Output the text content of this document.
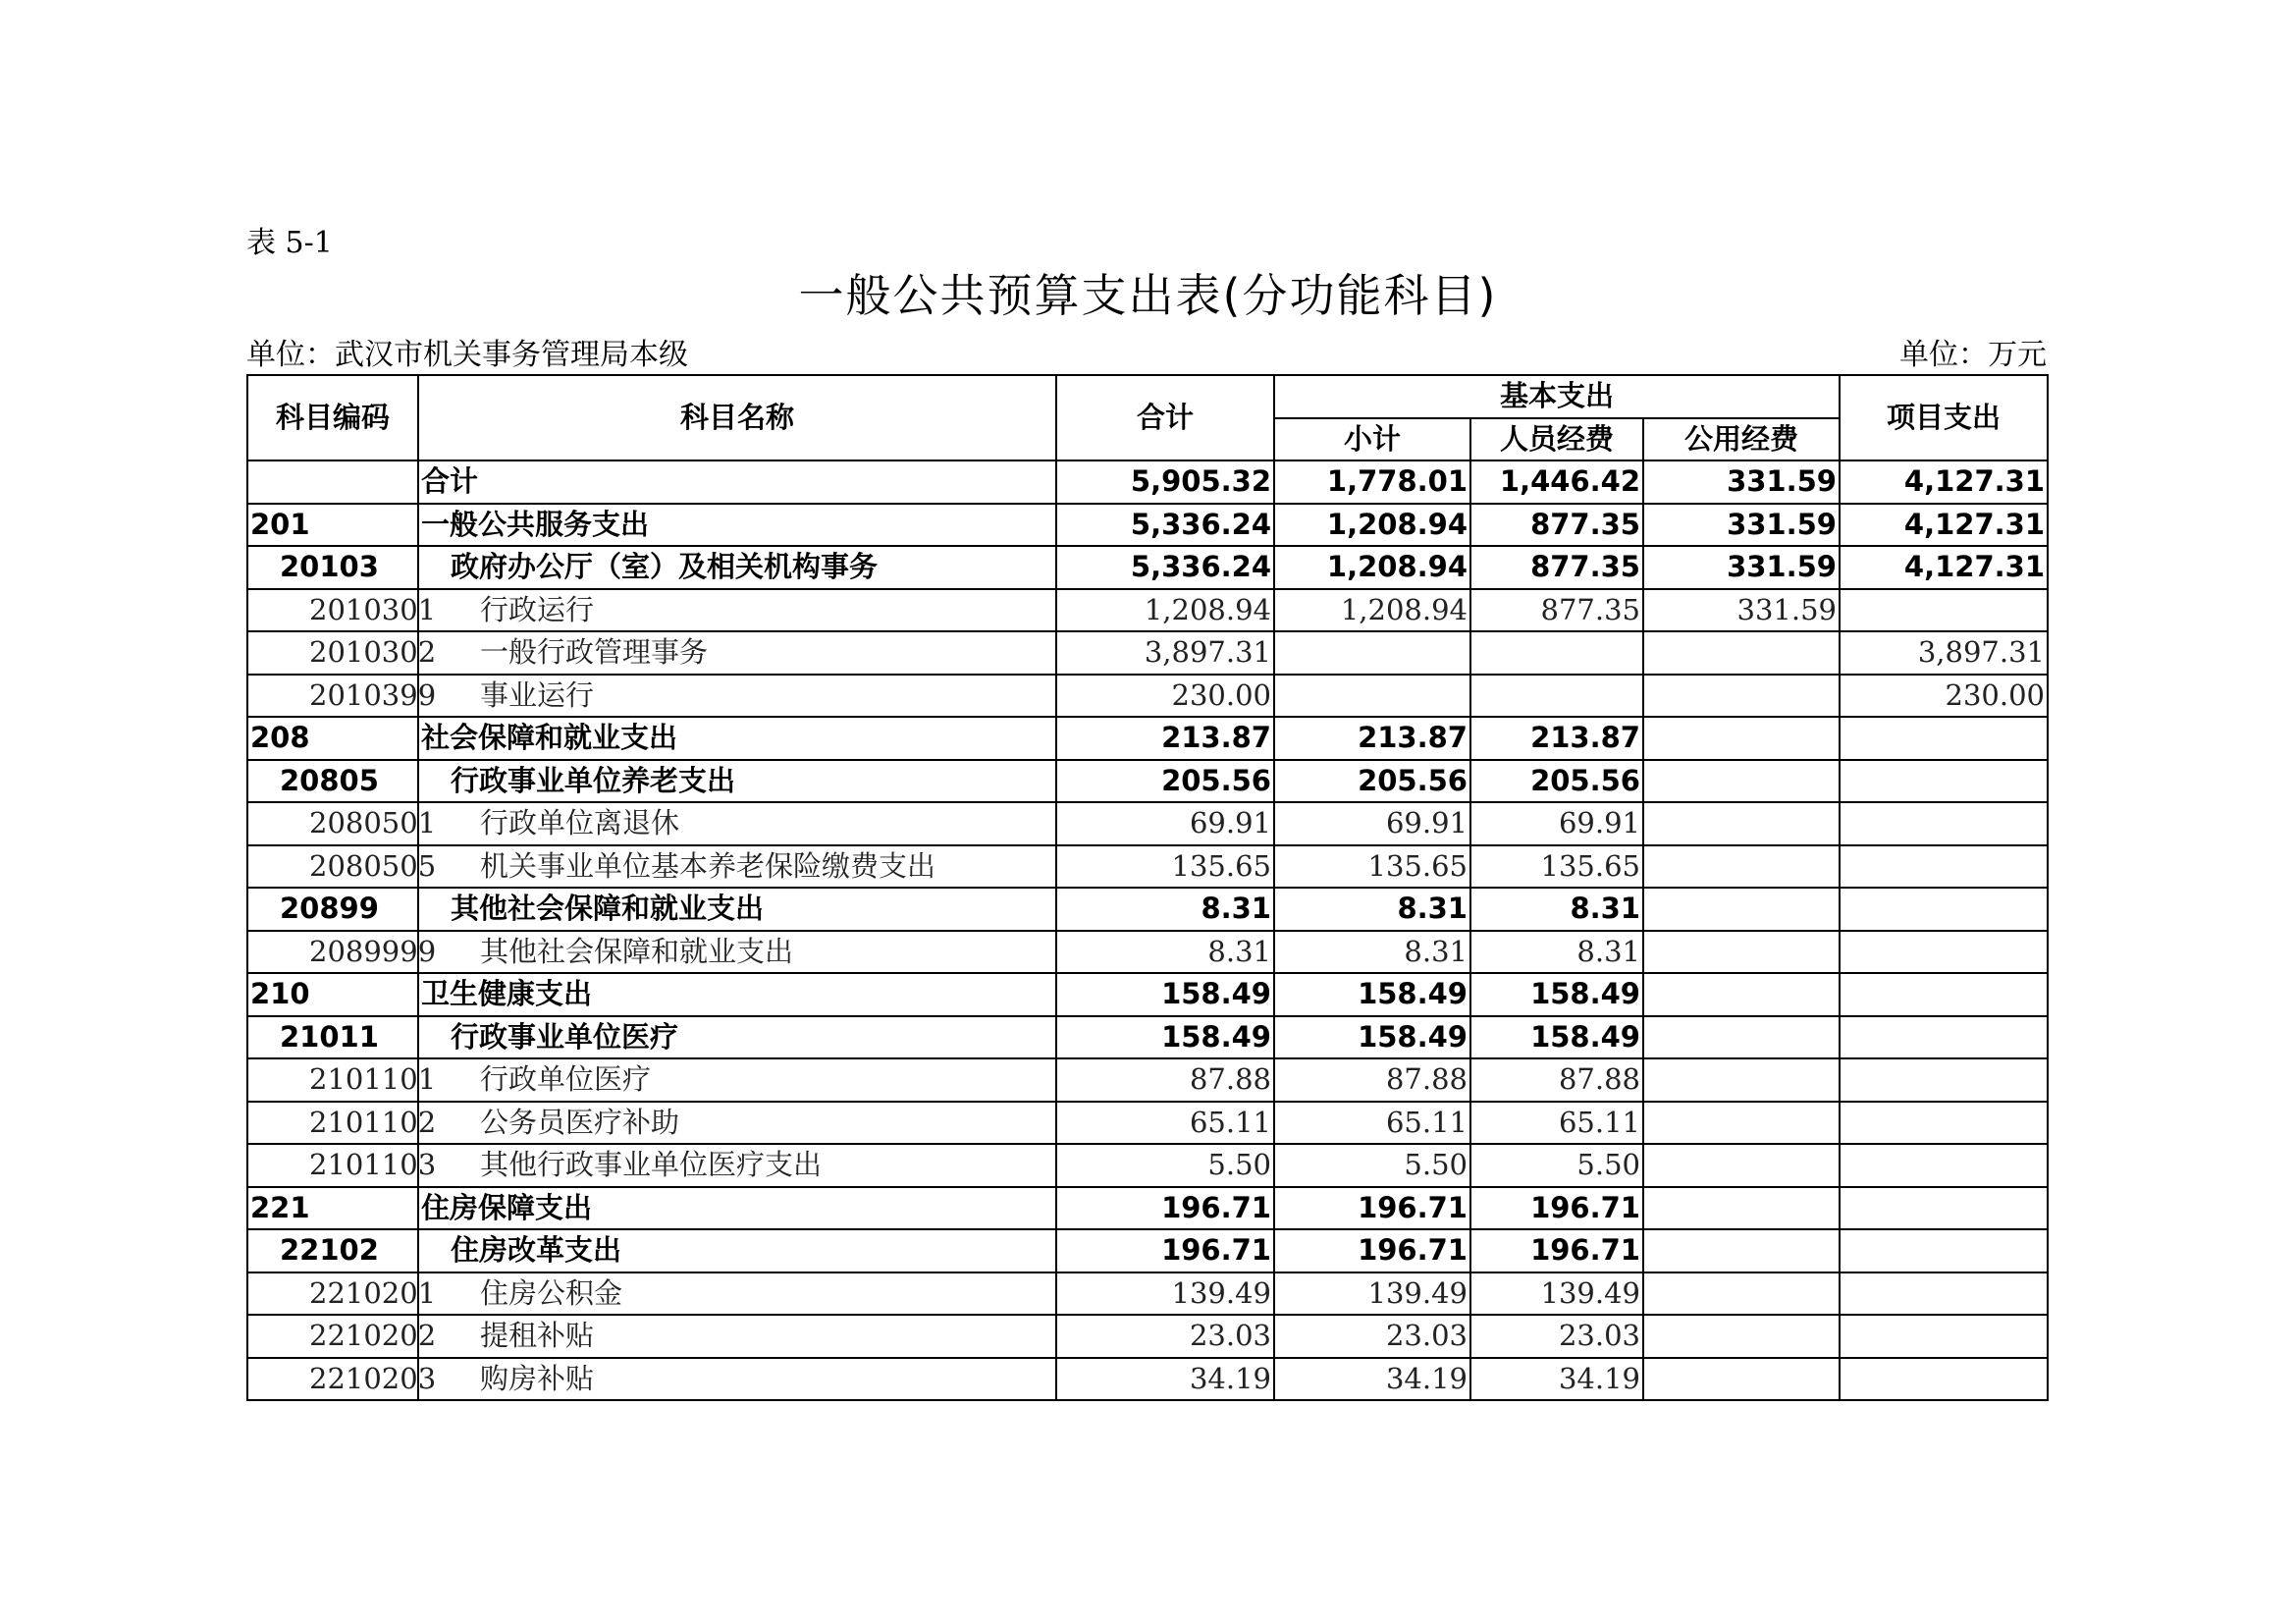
表 5-1
一般公共预算支出表(分功能科目)
单位：武汉市机关事务管理局本级	单位：万元
科目编码	科目名称	合计	基本支出			项目支出
			小计	人员经费	公用经费	
	合计	5,905.32	1,778.01	1,446.42	331.59	4,127.31
201	一般公共服务支出	5,336.24	1,208.94	877.35	331.59	4,127.31
20103	政府办公厅（室）及相关机构事务	5,336.24	1,208.94	877.35	331.59	4,127.31
2010301	行政运行	1,208.94	1,208.94	877.35	331.59	
2010302	一般行政管理事务	3,897.31				3,897.31
2010399	事业运行	230.00				230.00
208	社会保障和就业支出	213.87	213.87	213.87		
20805	行政事业单位养老支出	205.56	205.56	205.56		
2080501	行政单位离退休	69.91	69.91	69.91		
2080505	机关事业单位基本养老保险缴费支出	135.65	135.65	135.65		
20899	其他社会保障和就业支出	8.31	8.31	8.31		
2089999	其他社会保障和就业支出	8.31	8.31	8.31		
210	卫生健康支出	158.49	158.49	158.49		
21011	行政事业单位医疗	158.49	158.49	158.49		
2101101	行政单位医疗	87.88	87.88	87.88		
2101102	公务员医疗补助	65.11	65.11	65.11		
2101103	其他行政事业单位医疗支出	5.50	5.50	5.50		
221	住房保障支出	196.71	196.71	196.71		
22102	住房改革支出	196.71	196.71	196.71		
2210201	住房公积金	139.49	139.49	139.49		
2210202	提租补贴	23.03	23.03	23.03		
2210203	购房补贴	34.19	34.19	34.19		
